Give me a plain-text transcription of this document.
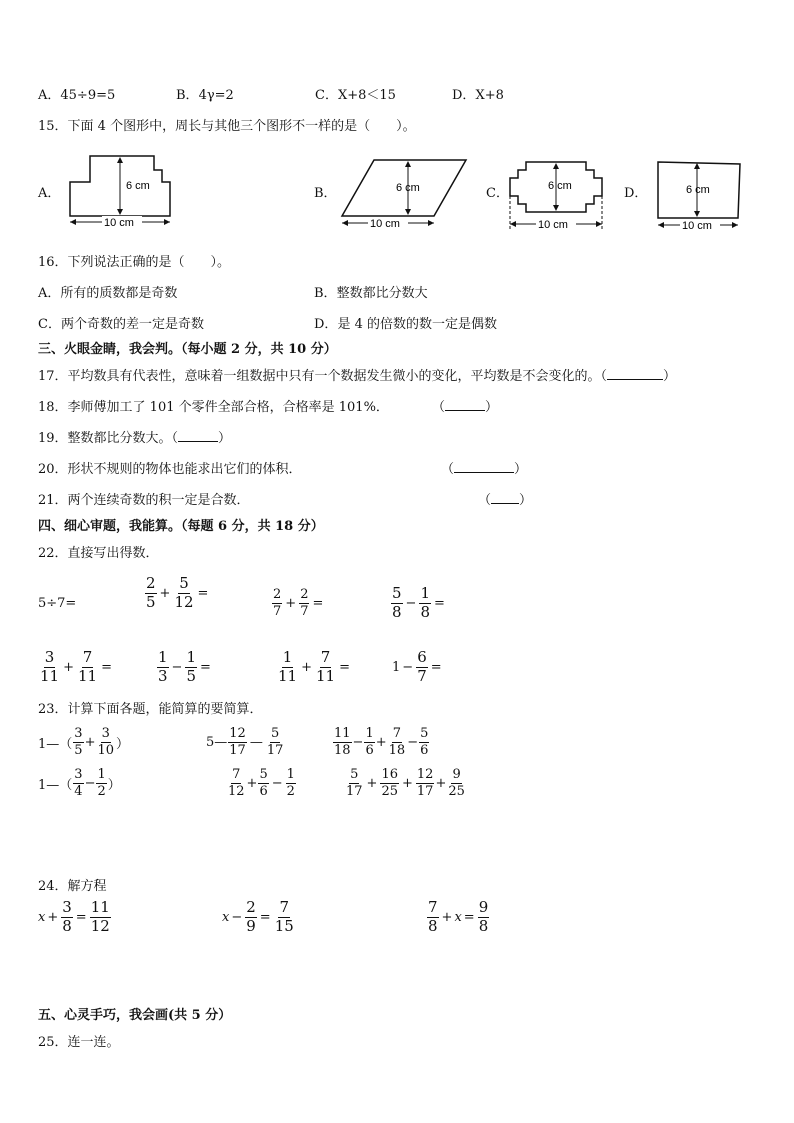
A．45÷9=5	B．4γ=2	C．X+8＜15	D．X+8
15．下面 4 个图形中，周长与其他三个图形不一样的是（　　）。
A．	6 cm
10 cm
B．	6 cm
10 cm
C．	6 cm
10 cm
D．	6 cm
10 cm
16．下列说法正确的是（　　）。
A．所有的质数都是奇数	B．整数都比分数大
C．两个奇数的差一定是奇数	D．是 4 的倍数的数一定是偶数
三、火眼金睛，我会判。（每小题 2 分，共 10 分）
17．平均数具有代表性，意味着一组数据中只有一个数据发生微小的变化，平均数是不会变化的。（	）
18．李师傅加工了 101 个零件全部合格，合格率是 101%．	（	）
19．整数都比分数大。（	）
20．形状不规则的物体也能求出它们的体积．	（	）
21．两个连续奇数的积一定是合数．	（ ）
四、细心审题，我能算。（每题 6 分，共 18 分）
22．直接写出得数．
5÷7=	$\frac{2}{5} + \frac{5}{12}$ =	$\frac{2}{7} + \frac{2}{7}$ =	$\frac{5}{8} - \frac{1}{8}$ =
$\frac{3}{11} + \frac{7}{11}$ =	$\frac{1}{3} - \frac{1}{5}$ =	$\frac{1}{11} + \frac{7}{11}$ =	$1 - \frac{6}{7}$ =
23．计算下面各题，能简算的要简算．
1—（ $\frac{3}{5} + \frac{3}{10}$ ）	5— $\frac{12}{17}$ — $\frac{5}{17}$	$\frac{11}{18} - \frac{1}{6} + \frac{7}{18} - \frac{5}{6}$
1—（ $\frac{3}{4} - \frac{1}{2}$ ）	$\frac{7}{12} + \frac{5}{6} - \frac{1}{2}$	$\frac{5}{17} + \frac{16}{25} + \frac{12}{17} + \frac{9}{25}$
24．解方程
$x + \frac{3}{8} = \frac{11}{12}$	$x - \frac{2}{9} = \frac{7}{15}$	$\frac{7}{8} + x = \frac{9}{8}$
五、心灵手巧，我会画(共 5 分）
25．连一连。
